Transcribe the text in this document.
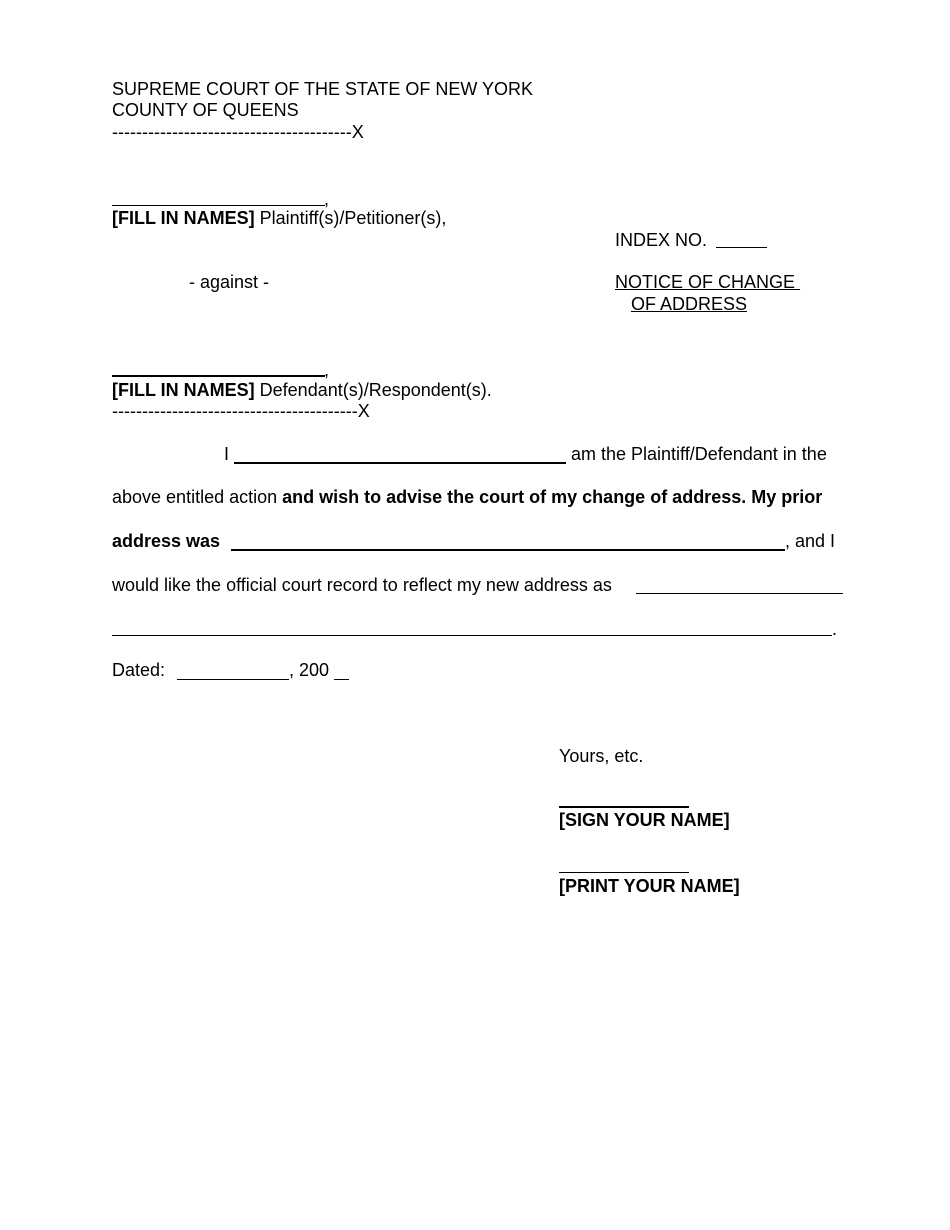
SUPREME COURT OF THE STATE OF NEW YORK
COUNTY OF QUEENS
----------------------------------------X
,
[FILL IN NAMES] Plaintiff(s)/Petitioner(s),
INDEX NO.
- against -	NOTICE OF CHANGE
OF ADDRESS
,
[FILL IN NAMES] Defendant(s)/Respondent(s).
-----------------------------------------X
I	am the Plaintiff/Defendant in the
above entitled action and wish to advise the court of my change of address. My prior
address was	, and I
would like the official court record to reflect my new address as
.
Dated:	, 200
Yours, etc.
[SIGN YOUR NAME]
[PRINT YOUR NAME]
